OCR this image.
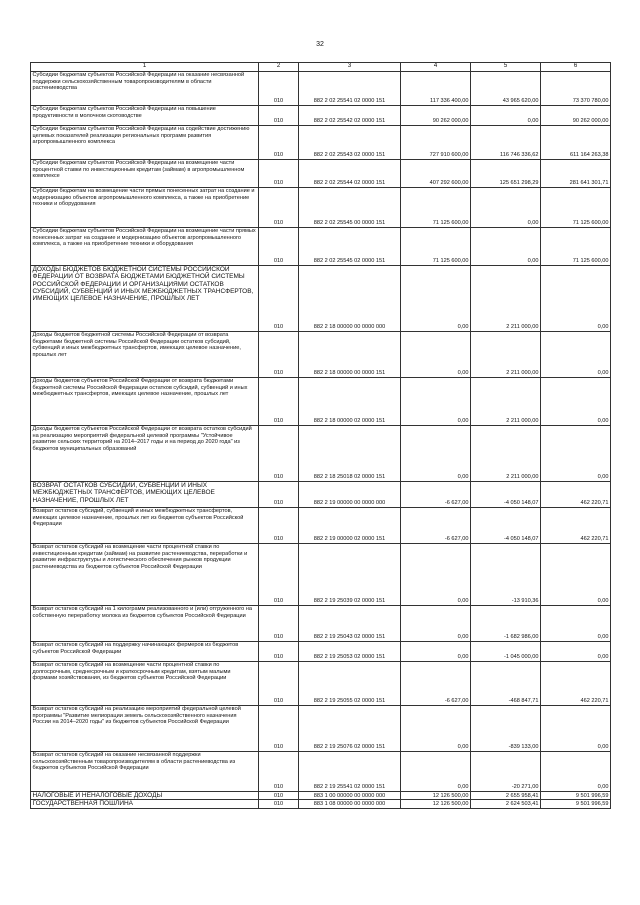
32
1	2	3	4	5	6
Субсидии бюджетам субъектов Российской Федерации на оказание несвязанной поддержки сельскохозяйственным товаропроизводителям в области растениеводства	010	882 2 02 25541 02 0000 151	117 336 400,00	43 965 620,00	73 370 780,00
Субсидии бюджетам субъектов Российской Федерации на повышение продуктивности в молочном скотоводстве	010	882 2 02 25542 02 0000 151	90 262 000,00	0,00	90 262 000,00
Субсидии бюджетам субъектов Российской Федерации на содействие достижению целевых показателей реализации региональных программ развития агропромышленного комплекса	010	882 2 02 25543 02 0000 151	727 910 600,00	116 746 336,62	611 164 263,38
Субсидии бюджетам субъектов Российской Федерации на возмещение части процентной ставки по инвестиционным кредитам (займам) в агропромышленном комплексе	010	882 2 02 25544 02 0000 151	407 292 600,00	125 651 298,29	281 641 301,71
Субсидии бюджетам на возмещение части прямых понесенных затрат на создание и модернизацию объектов агропромышленного комплекса, а также на приобретение техники и оборудования	010	882 2 02 25545 00 0000 151	71 125 600,00	0,00	71 125 600,00
Субсидии бюджетам субъектов Российской Федерации на возмещение части прямых понесенных затрат на создание и модернизацию объектов агропромышленного комплекса, а также на приобретение техники и оборудования	010	882 2 02 25545 02 0000 151	71 125 600,00	0,00	71 125 600,00
ДОХОДЫ БЮДЖЕТОВ БЮДЖЕТНОЙ СИСТЕМЫ РОССИЙСКОЙ ФЕДЕРАЦИИ ОТ ВОЗВРАТА БЮДЖЕТАМИ БЮДЖЕТНОЙ СИСТЕМЫ РОССИЙСКОЙ ФЕДЕРАЦИИ И ОРГАНИЗАЦИЯМИ ОСТАТКОВ СУБСИДИЙ, СУБВЕНЦИЙ И ИНЫХ МЕЖБЮДЖЕТНЫХ ТРАНСФЕРТОВ, ИМЕЮЩИХ ЦЕЛЕВОЕ НАЗНАЧЕНИЕ, ПРОШЛЫХ ЛЕТ	010	882 2 18 00000 00 0000 000	0,00	2 211 000,00	0,00
Доходы бюджетов бюджетной системы Российской Федерации от возврата бюджетами бюджетной системы Российской Федерации остатков субсидий, субвенций и иных межбюджетных трансфертов, имеющих целевое назначение, прошлых лет	010	882 2 18 00000 00 0000 151	0,00	2 211 000,00	0,00
Доходы бюджетов субъектов Российской Федерации от возврата бюджетами бюджетной системы Российской Федерации остатков субсидий, субвенций и иных межбюджетных трансфертов, имеющих целевое назначение, прошлых лет	010	882 2 18 00000 02 0000 151	0,00	2 211 000,00	0,00
Доходы бюджетов субъектов Российской Федерации от возврата остатков субсидий на реализацию мероприятий федеральной целевой программы "Устойчивое развитие сельских территорий на 2014–2017 годы и на период до 2020 года" из бюджетов муниципальных образований	010	882 2 18 25018 02 0000 151	0,00	2 211 000,00	0,00
ВОЗВРАТ ОСТАТКОВ СУБСИДИЙ, СУБВЕНЦИЙ И ИНЫХ МЕЖБЮДЖЕТНЫХ ТРАНСФЕРТОВ, ИМЕЮЩИХ ЦЕЛЕВОЕ НАЗНАЧЕНИЕ, ПРОШЛЫХ ЛЕТ	010	882 2 19 00000 00 0000 000	-6 627,00	-4 050 148,07	462 220,71
Возврат остатков субсидий, субвенций и иных межбюджетных трансфертов, имеющих целевое назначение, прошлых лет из бюджетов субъектов Российской Федерации	010	882 2 19 00000 02 0000 151	-6 627,00	-4 050 148,07	462 220,71
Возврат остатков субсидий на возмещение части процентной ставки по инвестиционным кредитам (займам) на развитие растениеводства, переработки и развитие инфраструктуры и логистического обеспечения рынков продукции растениеводства из бюджетов субъектов Российской Федерации	010	882 2 19 25039 02 0000 151	0,00	-13 910,36	0,00
Возврат остатков субсидий на 1 килограмм реализованного и (или) отгруженного на собственную переработку молока из бюджетов субъектов Российской Федерации	010	882 2 19 25043 02 0000 151	0,00	-1 682 986,00	0,00
Возврат остатков субсидий на поддержку начинающих фермеров из бюджетов субъектов Российской Федерации	010	882 2 19 25053 02 0000 151	0,00	-1 045 000,00	0,00
Возврат остатков субсидий на возмещение части процентной ставки по долгосрочным, среднесрочным и краткосрочным кредитам, взятым малыми формами хозяйствования, из бюджетов субъектов Российской Федерации	010	882 2 19 25055 02 0000 151	-6 627,00	-468 847,71	462 220,71
Возврат остатков субсидий на реализацию мероприятий федеральной целевой программы "Развитие мелиорации земель сельскохозяйственного назначения России на 2014–2020 годы" из бюджетов субъектов Российской Федерации	010	882 2 19 25076 02 0000 151	0,00	-839 133,00	0,00
Возврат остатков субсидий на оказание несвязанной поддержки сельскохозяйственным товаропроизводителям в области растениеводства из бюджетов субъектов Российской Федерации	010	882 2 19 25541 02 0000 151	0,00	-20 271,00	0,00
НАЛОГОВЫЕ И НЕНАЛОГОВЫЕ ДОХОДЫ	010	883 1 00 00000 00 0000 000	12 126 500,00	2 655 958,41	9 501 996,59
ГОСУДАРСТВЕННАЯ ПОШЛИНА	010	883 1 08 00000 00 0000 000	12 126 500,00	2 624 503,41	9 501 996,59
